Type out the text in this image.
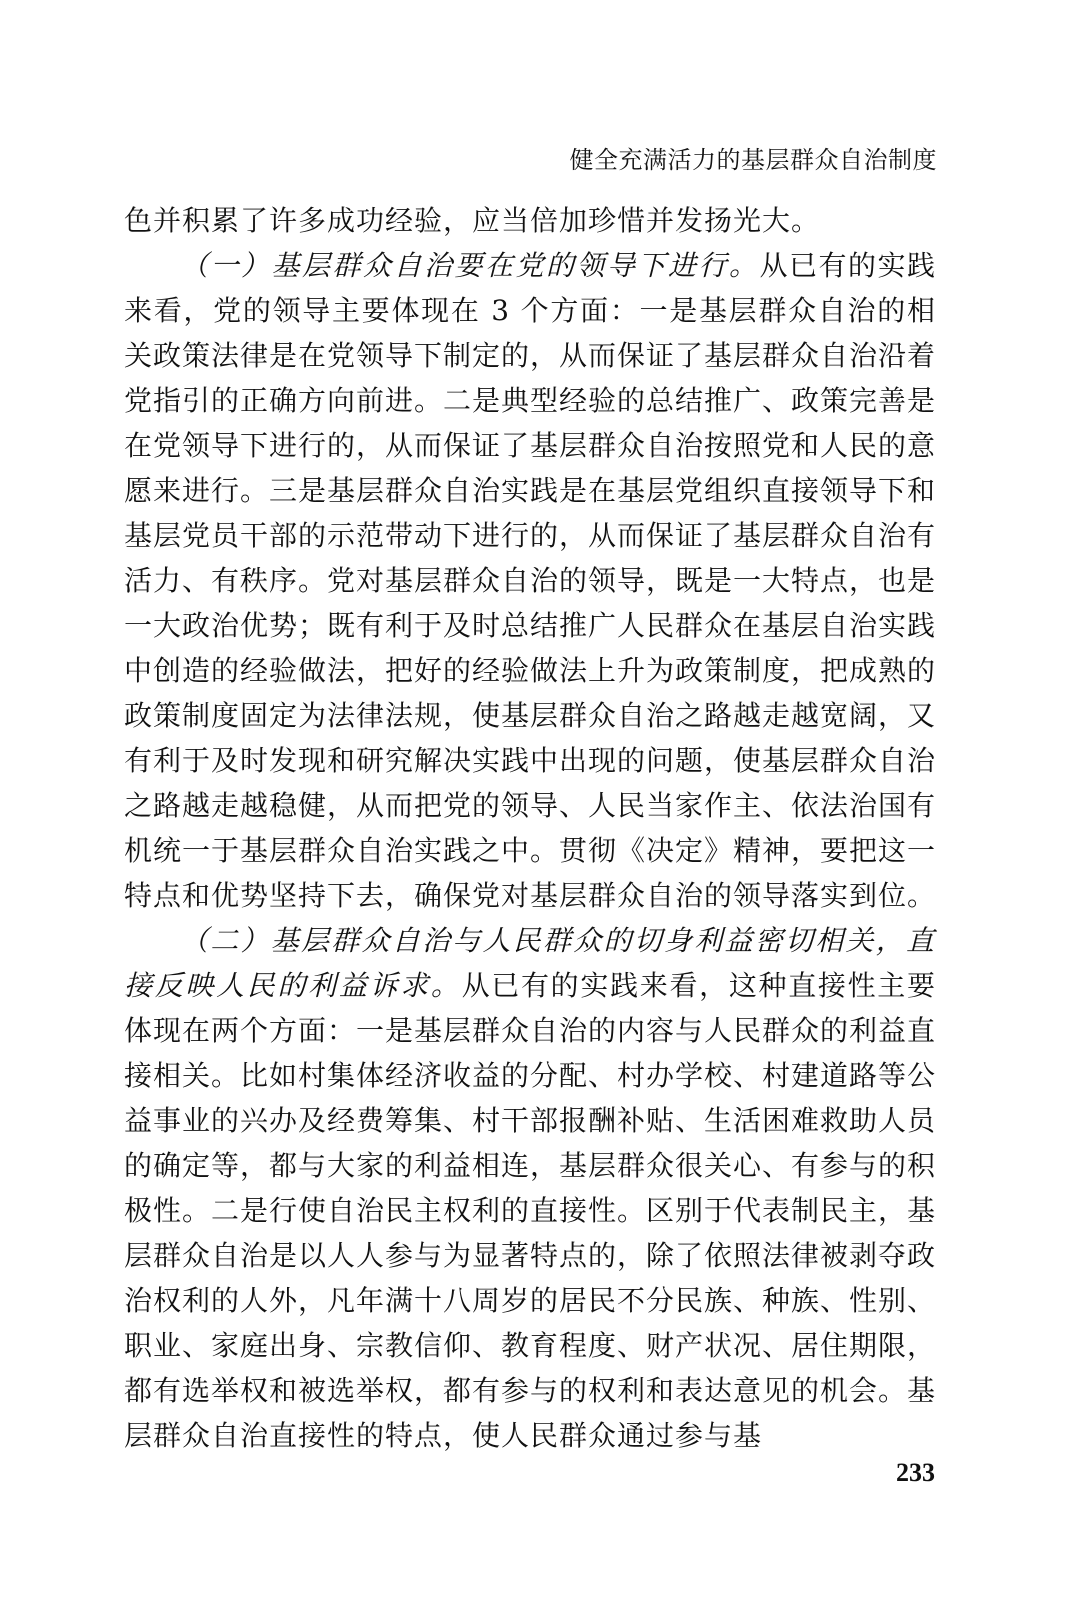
健全充满活力的基层群众自治制度

色并积累了许多成功经验，应当倍加珍惜并发扬光大。

（一）基层群众自治要在党的领导下进行。从已有的实践来看，党的领导主要体现在 3 个方面：一是基层群众自治的相关政策法律是在党领导下制定的，从而保证了基层群众自治沿着党指引的正确方向前进。二是典型经验的总结推广、政策完善是在党领导下进行的，从而保证了基层群众自治按照党和人民的意愿来进行。三是基层群众自治实践是在基层党组织直接领导下和基层党员干部的示范带动下进行的，从而保证了基层群众自治有活力、有秩序。党对基层群众自治的领导，既是一大特点，也是一大政治优势；既有利于及时总结推广人民群众在基层自治实践中创造的经验做法，把好的经验做法上升为政策制度，把成熟的政策制度固定为法律法规，使基层群众自治之路越走越宽阔，又有利于及时发现和研究解决实践中出现的问题，使基层群众自治之路越走越稳健，从而把党的领导、人民当家作主、依法治国有机统一于基层群众自治实践之中。贯彻《决定》精神，要把这一特点和优势坚持下去，确保党对基层群众自治的领导落实到位。

（二）基层群众自治与人民群众的切身利益密切相关，直接反映人民的利益诉求。从已有的实践来看，这种直接性主要体现在两个方面：一是基层群众自治的内容与人民群众的利益直接相关。比如村集体经济收益的分配、村办学校、村建道路等公益事业的兴办及经费筹集、村干部报酬补贴、生活困难救助人员的确定等，都与大家的利益相连，基层群众很关心、有参与的积极性。二是行使自治民主权利的直接性。区别于代表制民主，基层群众自治是以人人参与为显著特点的，除了依照法律被剥夺政治权利的人外，凡年满十八周岁的居民不分民族、种族、性别、职业、家庭出身、宗教信仰、教育程度、财产状况、居住期限，都有选举权和被选举权，都有参与的权利和表达意见的机会。基层群众自治直接性的特点，使人民群众通过参与基

233
